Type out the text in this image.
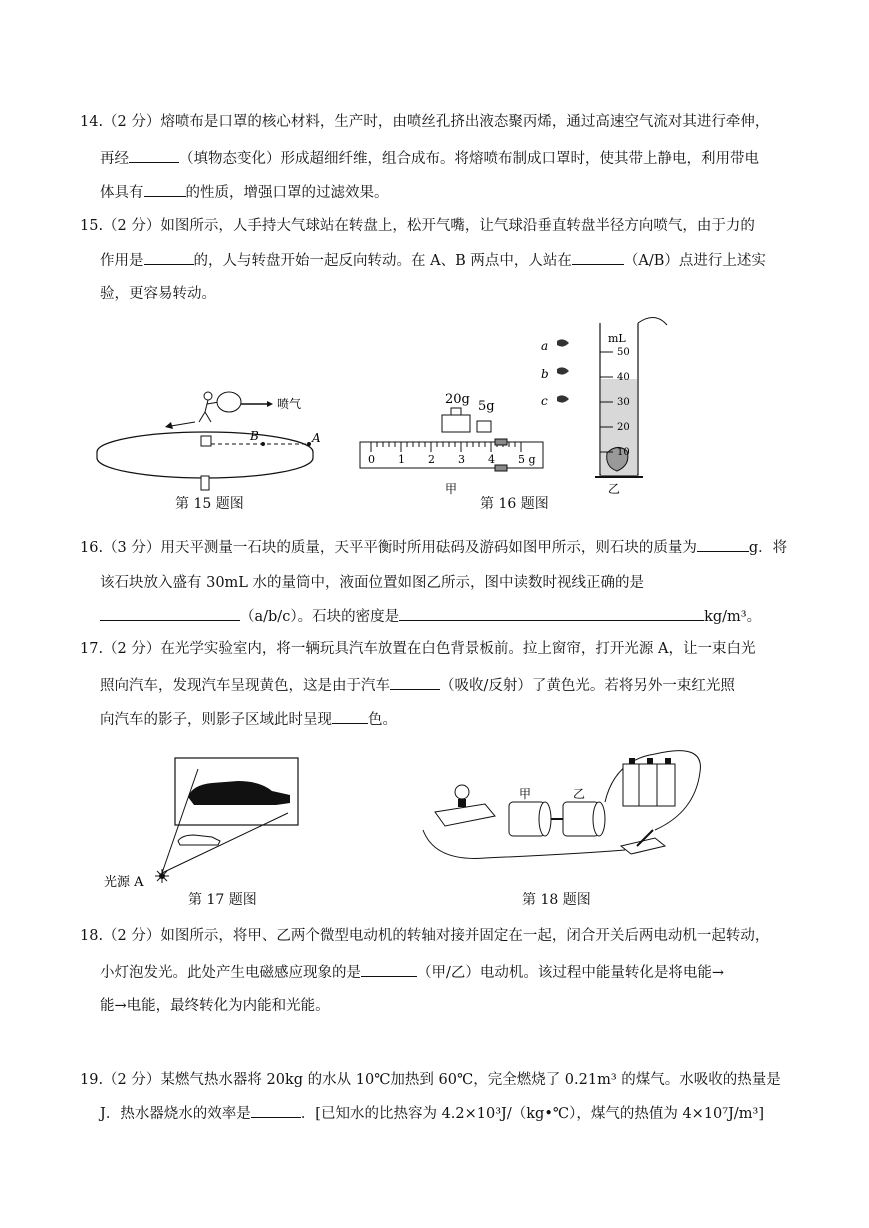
14.（2 分）熔喷布是口罩的核心材料，生产时，由喷丝孔挤出液态聚丙烯，通过高速空气流对其进行牵伸，
再经	（填物态变化）形成超细纤维，组合成布。将熔喷布制成口罩时，使其带上静电，利用带电
体具有	的性质，增强口罩的过滤效果。
15.（2 分）如图所示，人手持大气球站在转盘上，松开气嘴，让气球沿垂直转盘半径方向喷气，由于力的
作用是	的，人与转盘开始一起反向转动。在 A、B 两点中，人站在	（A/B）点进行上述实
验，更容易转动。
B	A
喷气
第 15 题图
20g 5g
0 1 2 3 4 5 g
a
b
c
mL
50
40
30
20
10
甲	乙
第 16 题图
16.（3 分）用天平测量一石块的质量，天平平衡时所用砝码及游码如图甲所示，则石块的质量为	g．将
该石块放入盛有 30mL 水的量筒中，液面位置如图乙所示，图中读数时视线正确的是
（a/b/c）。石块的密度是	kg/m³。
17.（2 分）在光学实验室内，将一辆玩具汽车放置在白色背景板前。拉上窗帘，打开光源 A，让一束白光
照向汽车，发现汽车呈现黄色，这是由于汽车	（吸收/反射）了黄色光。若将另外一束红光照
向汽车的影子，则影子区域此时呈现 色。
光源 A
第 17 题图
甲	乙
第 18 题图
18.（2 分）如图所示，将甲、乙两个微型电动机的转轴对接并固定在一起，闭合开关后两电动机一起转动，
小灯泡发光。此处产生电磁感应现象的是	（甲/乙）电动机。该过程中能量转化是将电能→
能→电能，最终转化为内能和光能。
19.（2 分）某燃气热水器将 20kg 的水从 10℃加热到 60℃，完全燃烧了 0.21m³ 的煤气。水吸收的热量是
J．热水器烧水的效率是	．[已知水的比热容为 4.2×10³J/（kg•℃），煤气的热值为 4×10⁷J/m³]
